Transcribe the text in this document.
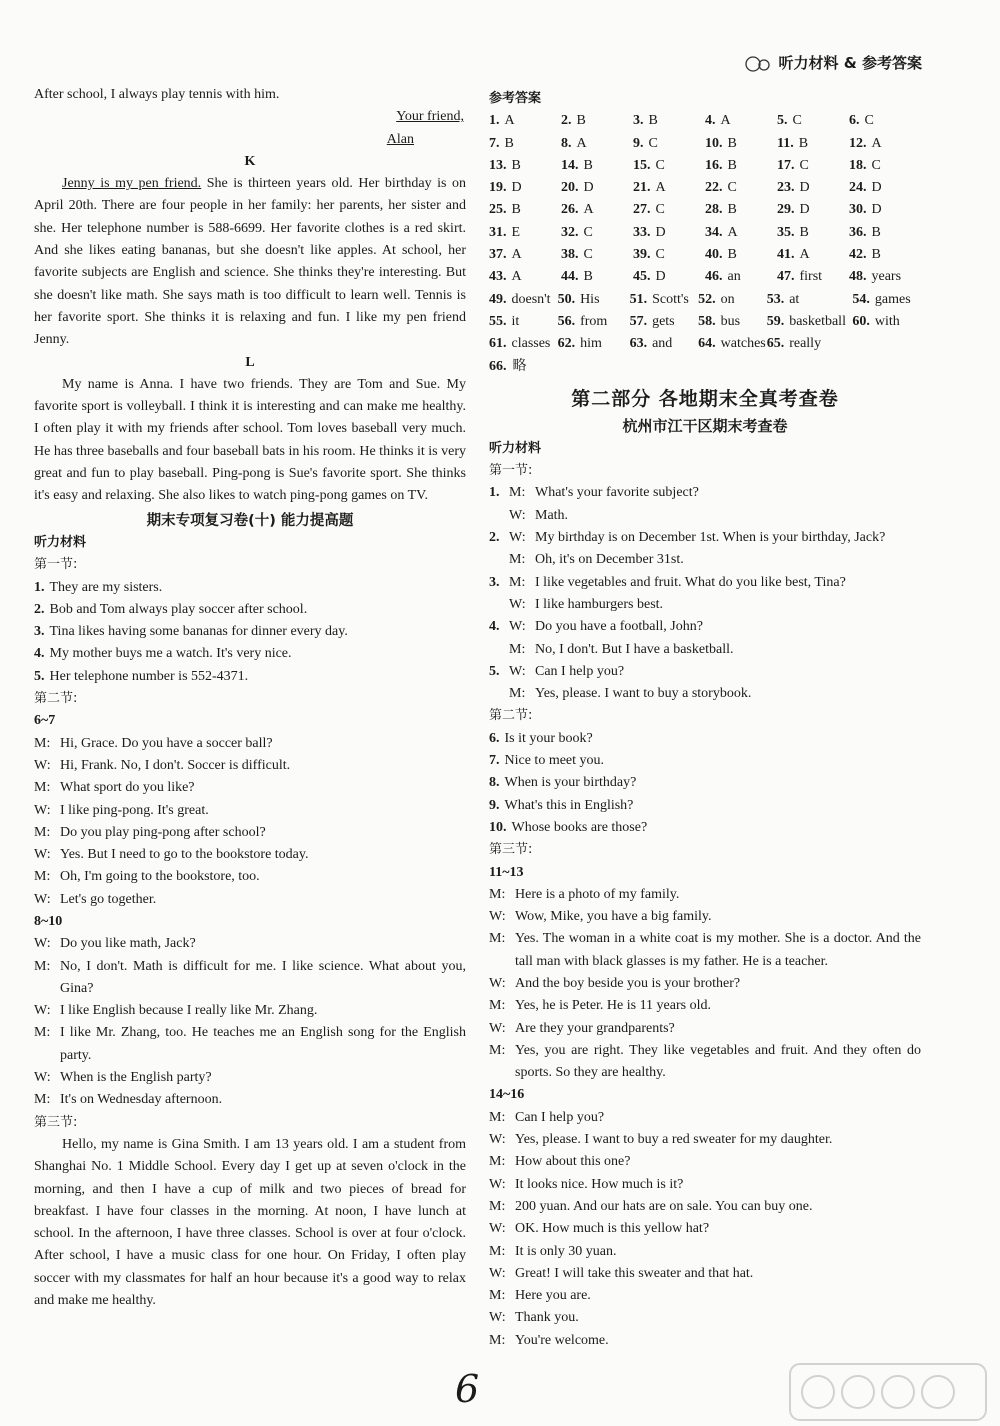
听力材料 & 参考答案
After school, I always play tennis with him.
Your friend,
Alan
K
Jenny is my pen friend. She is thirteen years old. Her birthday is on April 20th. There are four people in her family: her parents, her sister and she. Her telephone number is 588-6699. Her favorite clothes is a red skirt. And she likes eating bananas, but she doesn't like apples. At school, her favorite subjects are English and science. She thinks they're interesting. But she doesn't like math. She says math is too difficult to learn well. Tennis is her favorite sport. She thinks it is relaxing and fun. I like my pen friend Jenny.
L
My name is Anna. I have two friends. They are Tom and Sue. My favorite sport is volleyball. I think it is interesting and can make me healthy. I often play it with my friends after school. Tom loves baseball very much. He has three baseballs and four baseball bats in his room. He thinks it is very great and fun to play baseball. Ping-pong is Sue's favorite sport. She thinks it's easy and relaxing. She also likes to watch ping-pong games on TV.
期末专项复习卷(十) 能力提高题
听力材料
第一节:
1. They are my sisters.
2. Bob and Tom always play soccer after school.
3. Tina likes having some bananas for dinner every day.
4. My mother buys me a watch. It's very nice.
5. Her telephone number is 552-4371.
第二节:
6~7
M: Hi, Grace. Do you have a soccer ball?
W: Hi, Frank. No, I don't. Soccer is difficult.
M: What sport do you like?
W: I like ping-pong. It's great.
M: Do you play ping-pong after school?
W: Yes. But I need to go to the bookstore today.
M: Oh, I'm going to the bookstore, too.
W: Let's go together.
8~10
W: Do you like math, Jack?
M: No, I don't. Math is difficult for me. I like science. What about you, Gina?
W: I like English because I really like Mr. Zhang.
M: I like Mr. Zhang, too. He teaches me an English song for the English party.
W: When is the English party?
M: It's on Wednesday afternoon.
第三节:
Hello, my name is Gina Smith. I am 13 years old. I am a student from Shanghai No. 1 Middle School. Every day I get up at seven o'clock in the morning, and then I have a cup of milk and two pieces of bread for breakfast. I have four classes in the morning. At noon, I have lunch at school. In the afternoon, I have three classes. School is over at four o'clock. After school, I have a music class for one hour. On Friday, I often play soccer with my classmates for half an hour because it's a good way to relax and make me healthy.
参考答案
1. A	2. B	3. B	4. A	5. C	6. C
7. B	8. A	9. C	10. B	11. B	12. A
13. B	14. B	15. C	16. B	17. C	18. C
19. D	20. D	21. A	22. C	23. D	24. D
25. B	26. A	27. C	28. B	29. D	30. D
31. E	32. C	33. D	34. A	35. B	36. B
37. A	38. C	39. C	40. B	41. A	42. B
43. A	44. B	45. D	46. an	47. first	48. years
49. doesn't 50. His	51. Scott's 52. on	53. at	54. games
55. it	56. from	57. gets	58. bus	59. basketball 60. with
61. classes 62. him	63. and	64. watches 65. really
66. 略
第二部分 各地期末全真考查卷
杭州市江干区期末考查卷
听力材料
第一节:
1. M: What's your favorite subject?
W: Math.
2. W: My birthday is on December 1st. When is your birthday, Jack?
M: Oh, it's on December 31st.
3. M: I like vegetables and fruit. What do you like best, Tina?
W: I like hamburgers best.
4. W: Do you have a football, John?
M: No, I don't. But I have a basketball.
5. W: Can I help you?
M: Yes, please. I want to buy a storybook.
第二节:
6. Is it your book?
7. Nice to meet you.
8. When is your birthday?
9. What's this in English?
10. Whose books are those?
第三节:
11~13
M: Here is a photo of my family.
W: Wow, Mike, you have a big family.
M: Yes. The woman in a white coat is my mother. She is a doctor. And the tall man with black glasses is my father. He is a teacher.
W: And the boy beside you is your brother?
M: Yes, he is Peter. He is 11 years old.
W: Are they your grandparents?
M: Yes, you are right. They like vegetables and fruit. And they often do sports. So they are healthy.
14~16
M: Can I help you?
W: Yes, please. I want to buy a red sweater for my daughter.
M: How about this one?
W: It looks nice. How much is it?
M: 200 yuan. And our hats are on sale. You can buy one.
W: OK. How much is this yellow hat?
M: It is only 30 yuan.
W: Great! I will take this sweater and that hat.
M: Here you are.
W: Thank you.
M: You're welcome.
6
